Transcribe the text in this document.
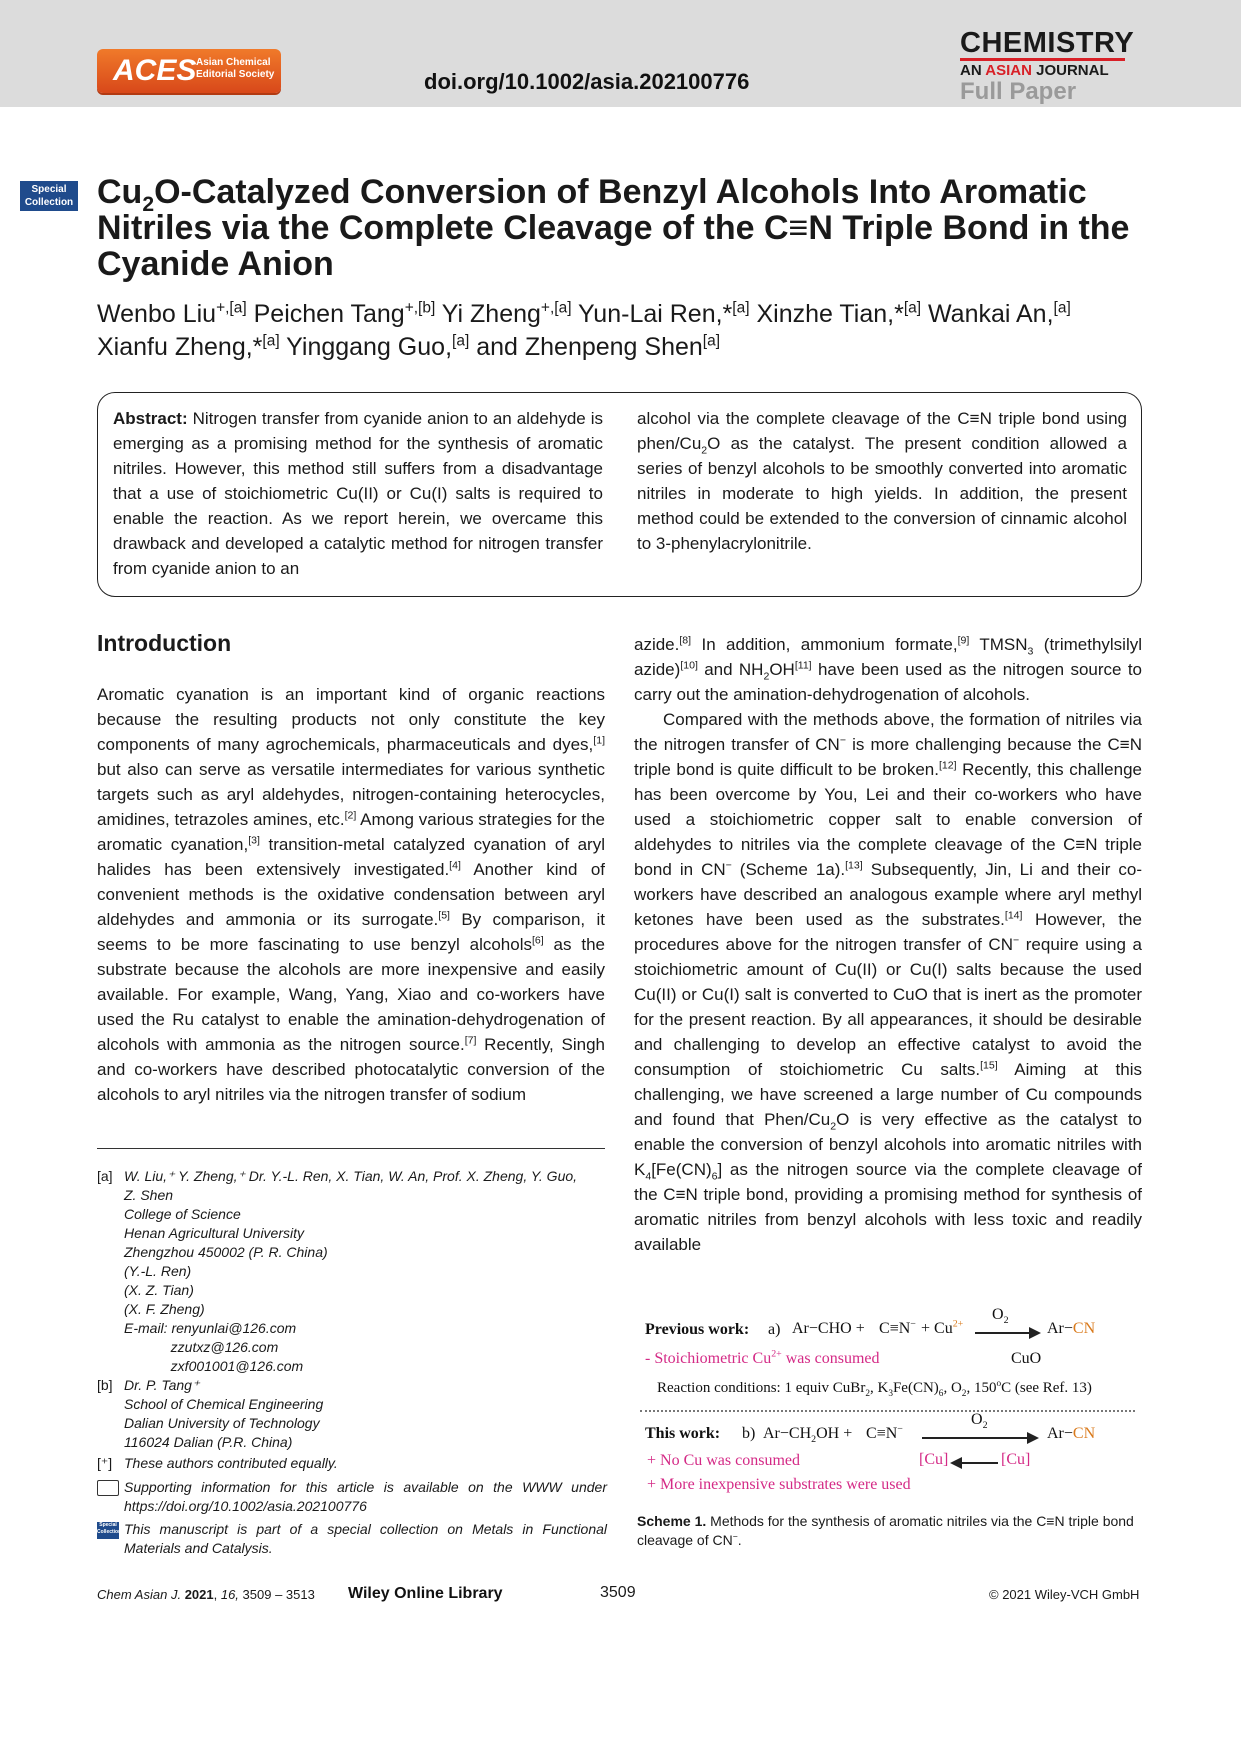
ACES Asian Chemical
Editorial Society	doi.org/10.1002/asia.202100776
CHEMISTRY
AN ASIAN JOURNAL
Full Paper
Special
Collection $Cu_2O$-Catalyzed Conversion of Benzyl Alcohols Into Aromatic
Nitriles via the Complete Cleavage of the C≡N Triple Bond in the
Cyanide Anion
Wenbo Liu$^{+,[a]}$ Peichen Tang$^{+,[b]}$ Yi Zheng$^{+,[a]}$ Yun-Lai Ren,*[a] Xinzhe Tian,*[a] Wankai An,[a]
Xianfu Zheng,*[a] Yinggang Guo,[a] and Zhenpeng Shen[a]
Abstract: Nitrogen transfer from cyanide anion to an aldehyde is emerging as a promising method for the synthesis of aromatic nitriles. However, this method still suffers from a disadvantage that a use of stoichiometric Cu(II) or Cu(I) salts is required to enable the reaction. As we report herein, we overcame this drawback and developed a catalytic method for nitrogen transfer from cyanide anion to an
alcohol via the complete cleavage of the C≡N triple bond using phen/$Cu_2O$ as the catalyst. The present condition allowed a series of benzyl alcohols to be smoothly converted into aromatic nitriles in moderate to high yields. In addition, the present method could be extended to the conversion of cinnamic alcohol to 3-phenylacrylonitrile.
Introduction

Aromatic cyanation is an important kind of organic reactions because the resulting products not only constitute the key components of many agrochemicals, pharmaceuticals and dyes,[1] but also can serve as versatile intermediates for various synthetic targets such as aryl aldehydes, nitrogen-containing heterocycles, amidines, tetrazoles amines, etc.[2] Among various strategies for the aromatic cyanation,[3] transition-metal catalyzed cyanation of aryl halides has been extensively investigated.[4] Another kind of convenient methods is the oxidative condensation between aryl aldehydes and ammonia or its surrogate.[5] By comparison, it seems to be more fascinating to use benzyl alcohols[6] as the substrate because the alcohols are more inexpensive and easily available. For example, Wang, Yang, Xiao and co-workers have used the Ru catalyst to enable the amination-dehydrogenation of alcohols with ammonia as the nitrogen source.[7] Recently, Singh and co-workers have described photocatalytic conversion of the alcohols to aryl nitriles via the nitrogen transfer of sodium

azide.[8] In addition, ammonium formate,[9] $TMSN_3$ (trimethylsilyl azide)[10] and $NH_2OH[11]$ have been used as the nitrogen source to carry out the amination-dehydrogenation of alcohols.

Compared with the methods above, the formation of nitriles via the nitrogen transfer of CN− is more challenging because the C≡N triple bond is quite difficult to be broken.[12] Recently, this challenge has been overcome by You, Lei and their co-workers who have used a stoichiometric copper salt to enable conversion of aldehydes to nitriles via the complete cleavage of the C≡N triple bond in CN− (Scheme 1a).[13] Subsequently, Jin, Li and their co-workers have described an analogous example where aryl methyl ketones have been used as the substrates.[14] However, the procedures above for the nitrogen transfer of CN− require using a stoichiometric amount of Cu(II) or Cu(I) salts because the used Cu(II) or Cu(I) salt is converted to CuO that is inert as the promoter for the present reaction. By all appearances, it should be desirable and challenging to develop an effective catalyst to avoid the consumption of stoichiometric Cu salts.[15] Aiming at this challenging, we have screened a large number of Cu compounds and found that Phen/$Cu_2O$ is very effective as the catalyst to enable the conversion of benzyl alcohols into aromatic nitriles with $K_4[Fe(CN)_6]$ as the nitrogen source via the complete cleavage of the C≡N triple bond, providing a promising method for synthesis of aromatic nitriles from benzyl alcohols with less toxic and readily available

[a] W. Liu,⁺ Y. Zheng,⁺ Dr. Y.-L. Ren, X. Tian, W. An, Prof. X. Zheng, Y. Guo,
Z. Shen
College of Science
Henan Agricultural University
Zhengzhou 450002 (P. R. China)
(Y.-L. Ren)
(X. Z. Tian)
(X. F. Zheng)
E-mail: renyunlai@126.com
zzutxz@126.com
zxf001001@126.com
[b] Dr. P. Tang⁺
School of Chemical Engineering
Dalian University of Technology
116024 Dalian (P.R. China)
[⁺] These authors contributed equally.
Supporting information for this article is available on the WWW under https://doi.org/10.1002/asia.202100776
Special
Collection This manuscript is part of a special collection on Metals in Functional Materials and Catalysis.
Previous work: a) $Ar-CHO + C\equiv N^- + Cu^{2+}$
$O_2$ Ar−CN
CuO
- Stoichiometric $Cu^{2+}$ was consumed
Reaction conditions: 1 equiv CuBr$_2$, $K_3Fe(CN)_6$, $O_2$, 150$^o$C (see Ref. 13)
This work: b) $Ar-CH_2OH + C\equiv N^-$
$O_2$	Ar−CN
[Cu]	[Cu]
+ No Cu was consumed
+ More inexpensive substrates were used
Scheme 1. Methods for the synthesis of aromatic nitriles via the C≡N triple bond cleavage of CN−.
Chem Asian J. 2021, 16, 3509 – 3513 Wiley Online Library	3509	© 2021 Wiley-VCH GmbH
